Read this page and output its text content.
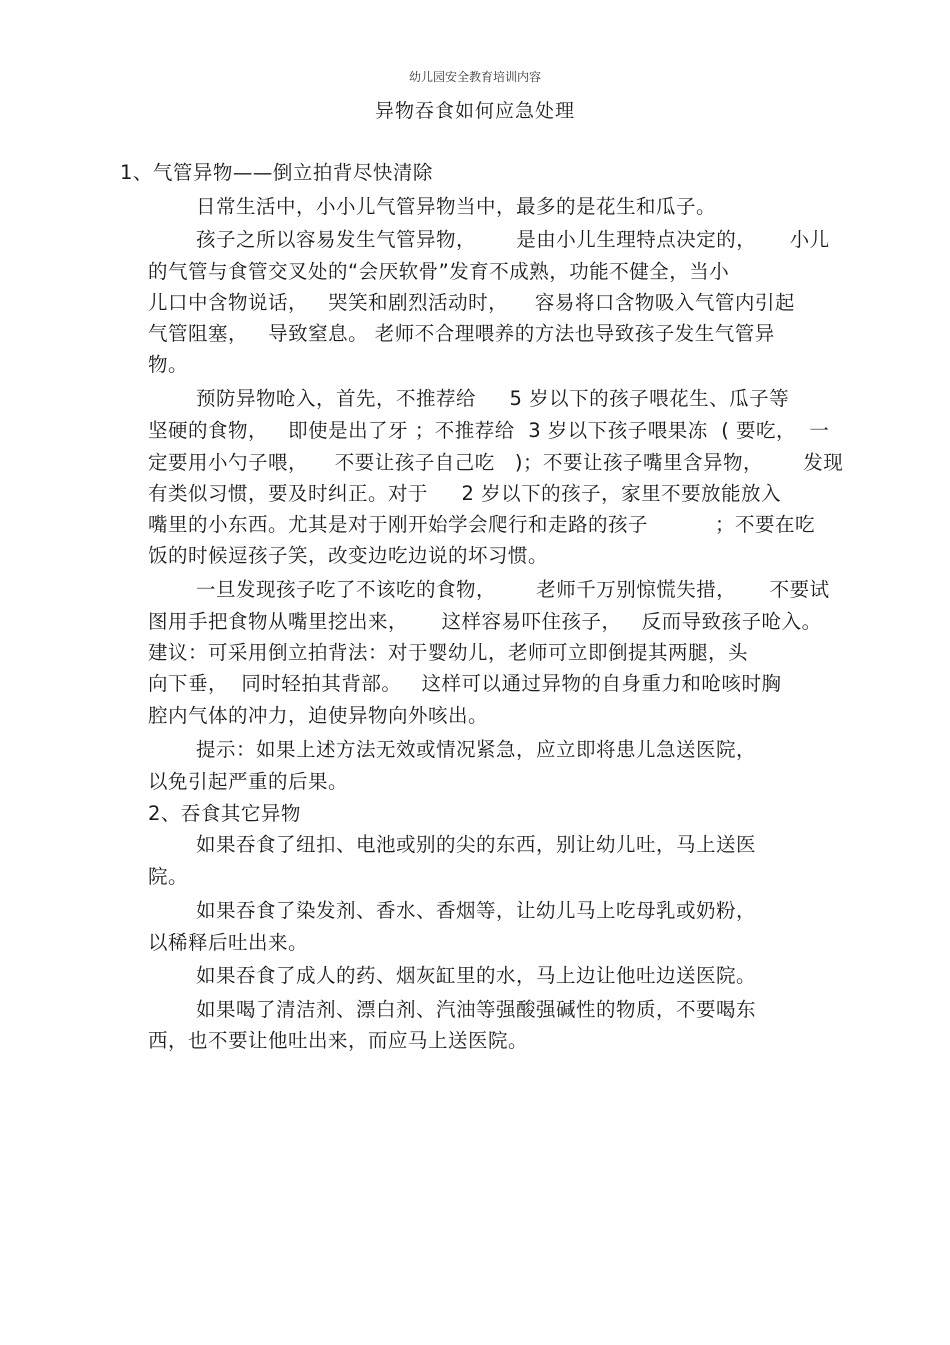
幼儿园安全教育培训内容
异物吞食如何应急处理
1、气管异物——倒立拍背尽快清除
日常生活中，小小儿气管异物当中，最多的是花生和瓜子。
孩子之所以容易发生气管异物，      是由小儿生理特点决定的，     小儿
的气管与食管交叉处的“会厌软骨”发育不成熟，功能不健全，当小
儿口中含物说话，   哭笑和剧烈活动时，    容易将口含物吸入气管内引起
气管阻塞，   导致窒息。 老师不合理喂养的方法也导致孩子发生气管异
物。
预防异物呛入，首先，不推荐给     5 岁以下的孩子喂花生、瓜子等
坚硬的食物，   即使是出了牙 ；不推荐给  3 岁以下孩子喂果冻  ( 要吃，  一
定要用小勺子喂，    不要让孩子自己吃   )；不要让孩子嘴里含异物，      发现
有类似习惯，要及时纠正。对于     2 岁以下的孩子，家里不要放能放入
嘴里的小东西。尤其是对于刚开始学会爬行和走路的孩子          ；不要在吃
饭的时候逗孩子笑，改变边吃边说的坏习惯。
一旦发现孩子吃了不该吃的食物，      老师千万别惊慌失措，     不要试
图用手把食物从嘴里挖出来，     这样容易吓住孩子，   反而导致孩子呛入。
建议：可采用倒立拍背法：对于婴幼儿，老师可立即倒提其两腿，头
向下垂，  同时轻拍其背部。   这样可以通过异物的自身重力和呛咳时胸
腔内气体的冲力，迫使异物向外咳出。
提示：如果上述方法无效或情况紧急，应立即将患儿急送医院，
以免引起严重的后果。
2、吞食其它异物
如果吞食了纽扣、电池或别的尖的东西，别让幼儿吐，马上送医
院。
如果吞食了染发剂、香水、香烟等，让幼儿马上吃母乳或奶粉，
以稀释后吐出来。
如果吞食了成人的药、烟灰缸里的水，马上边让他吐边送医院。
如果喝了清洁剂、漂白剂、汽油等强酸强碱性的物质，不要喝东
西，也不要让他吐出来，而应马上送医院。
